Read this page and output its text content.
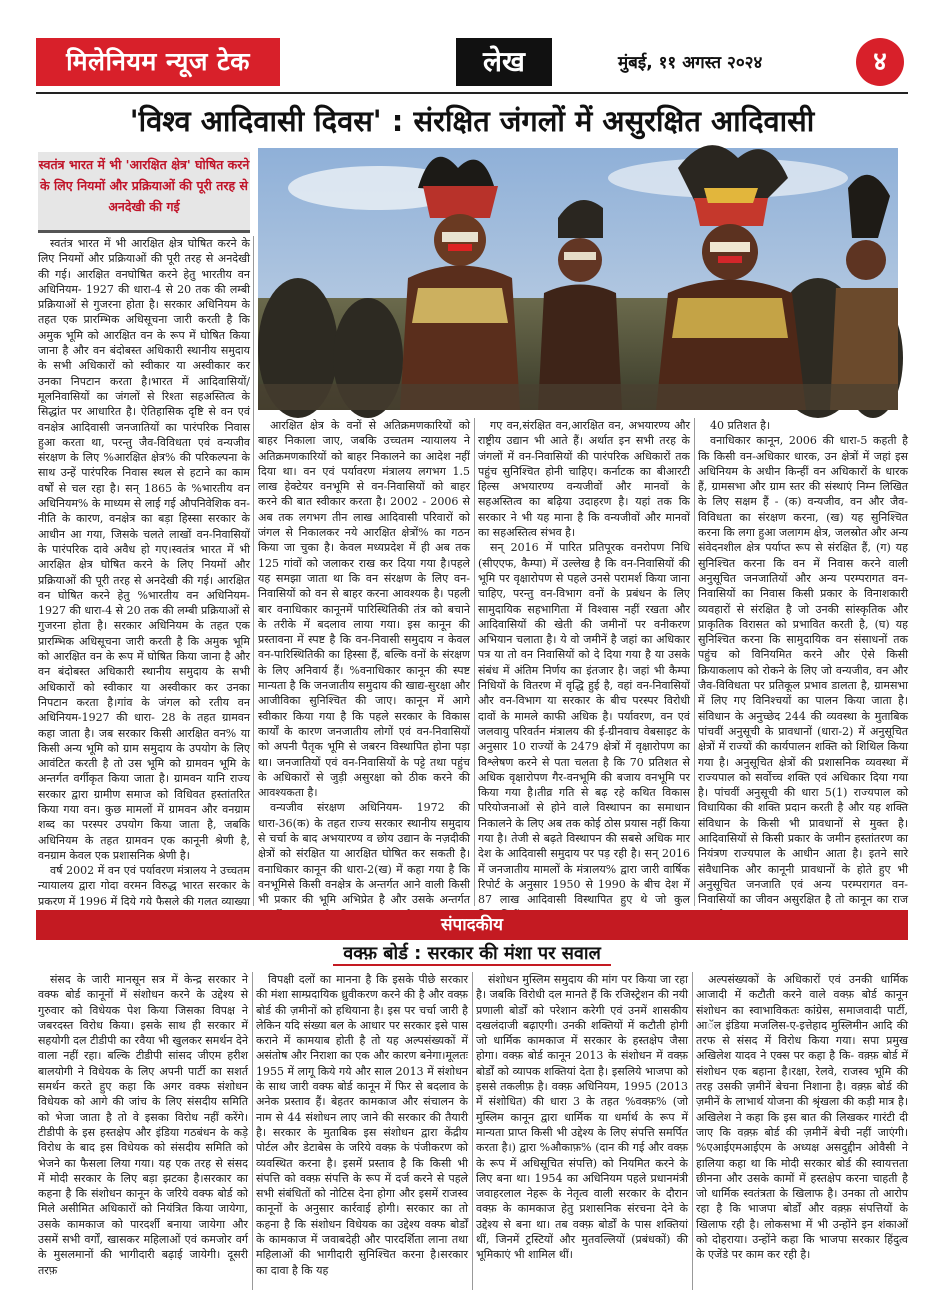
मिलेनियम न्यूज टेक	लेख	मुंबई, ११ अगस्त २०२४	४
'विश्व आदिवासी दिवस' : संरक्षित जंगलों में असुरक्षित आदिवासी
स्वतंत्र भारत में भी 'आरक्षित क्षेत्र' घोषित करने के लिए नियमों और प्रक्रियाओं की पूरी तरह से अनदेखी की गई

स्वतंत्र भारत में भी आरक्षित क्षेत्र घोषित करने के लिए नियमों और प्रक्रियाओं की पूरी तरह से अनदेखी की गई। आरक्षित वनघोषित करने हेतु भारतीय वन अधिनियम- 1927 की धारा-4 से 20 तक की लम्बी प्रक्रियाओं से गुजरना होता है। सरकार अधिनियम के तहत एक प्रारम्भिक अधिसूचना जारी करती है कि अमुक भूमि को आरक्षित वन के रूप में घोषित किया जाना है और वन बंदोबस्त अधिकारी स्थानीय समुदाय के सभी अधिकारों को स्वीकार या अस्वीकार कर उनका निपटान करता है।भारत में आदिवासियों/मूलनिवासियों का जंगलों से रिश्ता सहअस्तित्व के सिद्धांत पर आधारित है। ऐतिहासिक दृष्टि से वन एवं वनक्षेत्र आदिवासी जनजातियों का पारंपरिक निवास हुआ करता था, परन्तु जैव-विविधता एवं वन्यजीव संरक्षण के लिए %आरक्षित क्षेत्र% की परिकल्पना के साथ उन्हें पारंपरिक निवास स्थल से हटाने का काम वर्षों से चल रहा है। सन् 1865 के %भारतीय वन अधिनियम% के माध्यम से लाई गई औपनिवेशिक वन-नीति के कारण, वनक्षेत्र का बड़ा हिस्सा सरकार के आधीन आ गया, जिसके चलते लाखों वन-निवासियों के पारंपरिक दावे अवैध हो गए।स्वतंत्र भारत में भी आरक्षित क्षेत्र घोषित करने के लिए नियमों और प्रक्रियाओं की पूरी तरह से अनदेखी की गई। आरक्षित वन घोषित करने हेतु %भारतीय वन अधिनियम- 1927 की धारा-4 से 20 तक की लम्बी प्रक्रियाओं से गुजरना होता है। सरकार अधिनियम के तहत एक प्रारम्भिक अधिसूचना जारी करती है कि अमुक भूमि को आरक्षित वन के रूप में घोषित किया जाना है और वन बंदोबस्त अधिकारी स्थानीय समुदाय के सभी अधिकारों को स्वीकार या अस्वीकार कर उनका निपटान करता है।गांव के जंगल को रतीय वन अधिनियम-1927 की धारा- 28 के तहत ग्रामवन कहा जाता है। जब सरकार किसी आरक्षित वन% या किसी अन्य भूमि को ग्राम समुदाय के उपयोग के लिए आवंटित करती है तो उस भूमि को ग्रामवन भूमि के अन्तर्गत वर्गीकृत किया जाता है। ग्रामवन यानि राज्य सरकार द्वारा ग्रामीण समाज को विधिवत हस्तांतरित किया गया वन। कुछ मामलों में ग्रामवन और वनग्राम शब्द का परस्पर उपयोग किया जाता है, जबकि अधिनियम के तहत ग्रामवन एक कानूनी श्रेणी है, वनग्राम केवल एक प्रशासनिक श्रेणी है।

वर्ष 2002 में वन एवं पर्यावरण मंत्रालय ने उच्चतम न्यायालय द्वारा गोदा वरमन विरुद्ध भारत सरकार के प्रकरण में 1996 में दिये गये फैसले की गलत व्याख्या

आरक्षित क्षेत्र के वनों से अतिक्रमणकारियों को बाहर निकाला जाए, जबकि उच्चतम न्यायालय ने अतिक्रमणकारियों को बाहर निकालने का आदेश नहीं दिया था। वन एवं पर्यावरण मंत्रालय लगभग 1.5 लाख हेक्टेयर वनभूमि से वन-निवासियों को बाहर करने की बात स्वीकार करता है। 2002 - 2006 से अब तक लगभग तीन लाख आदिवासी परिवारों को जंगल से निकालकर नये आरक्षित क्षेत्रों% का गठन किया जा चुका है। केवल मध्यप्रदेश में ही अब तक 125 गांवों को जलाकर राख कर दिया गया है।पहले यह समझा जाता था कि वन संरक्षण के लिए वन-निवासियों को वन से बाहर करना आवश्यक है। पहली बार वनाधिकार कानूनमें पारिस्थितिकी तंत्र को बचाने के तरीके में बदलाव लाया गया। इस कानून की प्रस्तावना में स्पष्ट है कि वन-निवासी समुदाय न केवल वन-पारिस्थितिकी का हिस्सा हैं, बल्कि वनों के संरक्षण के लिए अनिवार्य हैं। %वनाधिकार कानून की स्पष्ट मान्यता है कि जनजातीय समुदाय की खाद्य-सुरक्षा और आजीविका सुनिश्चित की जाए। कानून में आगे स्वीकार किया गया है कि पहले सरकार के विकास कार्यों के कारण जनजातीय लोगों एवं वन-निवासियों को अपनी पैतृक भूमि से जबरन विस्थापित होना पड़ा था। जनजातियों एवं वन-निवासियों के पट्टे तथा पहुंच के अधिकारों से जुड़ी असुरक्षा को ठीक करने की आवश्यकता है।

वन्यजीव संरक्षण अधिनियम- 1972 की धारा-36(क) के तहत राज्य सरकार स्थानीय समुदाय से चर्चा के बाद अभयारण्य व छोय उद्यान के नज़दीकी क्षेत्रों को संरक्षित या आरक्षित घोषित कर सकती है। वनाधिकार कानून की धारा-2(ख) में कहा गया है कि वनभूमिसे किसी वनक्षेत्र के अन्तर्गत आने वाली किसी भी प्रकार की भूमि अभिप्रेत है और उसके अन्तर्गत

गए वन,संरक्षित वन,आरक्षित वन, अभयारण्य और राष्ट्रीय उद्यान भी आते हैं। अर्थात इन सभी तरह के जंगलों में वन-निवासियों की पारंपरिक अधिकारों तक पहुंच सुनिश्चित होनी चाहिए। कर्नाटक का बीआरटी हिल्स अभयारण्य वन्यजीवों और मानवों के सहअस्तित्व का बढ़िया उदाहरण है। यहां तक कि सरकार ने भी यह माना है कि वन्यजीवों और मानवों का सहअस्तित्व संभव है।

सन् 2016 में पारित प्रतिपूरक वनरोपण निधि (सीएएफ, कैम्पा) में उल्लेख है कि वन-निवासियों की भूमि पर वृक्षारोपण से पहले उनसे परामर्श किया जाना चाहिए, परन्तु वन-विभाग वनों के प्रबंधन के लिए सामुदायिक सहभागिता में विश्वास नहीं रखता और आदिवासियों की खेती की जमीनों पर वनीकरण अभियान चलाता है। ये वो जमीनें है जहां का अधिकार पत्र या तो वन निवासियों को दे दिया गया है या उसके संबंध में अंतिम निर्णय का इंतजार है। जहां भी कैम्पा निधियों के वितरण में वृद्धि हुई है, वहां वन-निवासियों और वन-विभाग या सरकार के बीच परस्पर विरोधी दावों के मामले काफी अधिक है। पर्यावरण, वन एवं जलवायु परिवर्तन मंत्रालय की ई-ग्रीनवाच वेबसाइट के अनुसार 10 राज्यों के 2479 क्षेत्रों में वृक्षारोपण का विश्लेषण करने से पता चलता है कि 70 प्रतिशत से अधिक वृक्षारोपण गैर-वनभूमि की बजाय वनभूमि पर किया गया है।तीव्र गति से बढ़ रहे कथित विकास परियोजनाओं से होने वाले विस्थापन का समाधान निकालने के लिए अब तक कोई ठोस प्रयास नहीं किया गया है। तेजी से बढ़ते विस्थापन की सबसे अधिक मार देश के आदिवासी समुदाय पर पड़ रही है। सन् 2016 में जनजातीय मामलों के मंत्रालय% द्वारा जारी वार्षिक रिपोर्ट के अनुसार 1950 से 1990 के बीच देश में 87 लाख आदिवासी विस्थापित हुए थे जो कुल

40 प्रतिशत है।

वनाधिकार कानून, 2006 की धारा-5 कहती है कि किसी वन-अधिकार धारक, उन क्षेत्रों में जहां इस अधिनियम के अधीन किन्हीं वन अधिकारों के धारक हैं, ग्रामसभा और ग्राम स्तर की संस्थाएं निम्न लिखित के लिए सक्षम हैं - (क) वन्यजीव, वन और जैव-विविधता का संरक्षण करना, (ख) यह सुनिश्चित करना कि लगा हुआ जलागम क्षेत्र, जलस्रोत और अन्य संवेदनशील क्षेत्र पर्याप्त रूप से संरक्षित हैं, (ग) यह सुनिश्चित करना कि वन में निवास करने वाली अनुसूचित जनजातियों और अन्य परम्परागत वन-निवासियों का निवास किसी प्रकार के विनाशकारी व्यवहारों से संरक्षित है जो उनकी सांस्कृतिक और प्राकृतिक विरासत को प्रभावित करती है, (घ) यह सुनिश्चित करना कि सामुदायिक वन संसाधनों तक पहुंच को विनियमित करने और ऐसे किसी क्रियाकलाप को रोकने के लिए जो वन्यजीव, वन और जैव-विविधता पर प्रतिकूल प्रभाव डालता है, ग्रामसभा में लिए गए विनिश्चयों का पालन किया जाता है।संविधान के अनुच्छेद 244 की व्यवस्था के मुताबिक पांचवीं अनुसूची के प्रावधानों (धारा-2) में अनुसूचित क्षेत्रों में राज्यों की कार्यपालन शक्ति को शिथिल किया गया है। अनुसूचित क्षेत्रों की प्रशासनिक व्यवस्था में राज्यपाल को सर्वोच्च शक्ति एवं अधिकार दिया गया है। पांचवीं अनुसूची की धारा 5(1) राज्यपाल को विधायिका की शक्ति प्रदान करती है और यह शक्ति संविधान के किसी भी प्रावधानों से मुक्त है। आदिवासियों से किसी प्रकार के जमीन हस्तांतरण का नियंत्रण राज्यपाल के आधीन आता है। इतने सारे संवैधानिक और कानूनी प्रावधानों के होते हुए भी अनुसूचित जनजाति एवं अन्य परम्परागत वन-निवासियों का जीवन असुरक्षित है तो कानून का राज

संपादकीय
वक्फ़ बोर्ड : सरकार की मंशा पर सवाल

संसद के जारी मानसून सत्र में केन्द्र सरकार ने वक्फ बोर्ड कानूनों में संशोधन करने के उद्देश्य से गुरुवार को विधेयक पेश किया जिसका विपक्ष ने जबरदस्त विरोध किया। इसके साथ ही सरकार में सहयोगी दल टीडीपी का रवैया भी खुलकर समर्थन देने वाला नहीं रहा। बल्कि टीडीपी सांसद जीएम हरीश बालयोगी ने विधेयक के लिए अपनी पार्टी का सशर्त समर्थन करते हुए कहा कि अगर वक्फ संशोधन विधेयक को आगे की जांच के लिए संसदीय समिति को भेजा जाता है तो वे इसका विरोध नहीं करेंगे। टीडीपी के इस हस्तक्षेप और इंडिया गठबंधन के कड़े विरोध के बाद इस विधेयक को संसदीय समिति को भेजने का फैसला लिया गया। यह एक तरह से संसद में मोदी सरकार के लिए बड़ा झटका है।सरकार का कहना है कि संशोधन कानून के जरिये वक्फ बोर्ड को मिले असीमित अधिकारों को नियंत्रित किया जायेगा, उसके कामकाज को पारदर्शी बनाया जायेगा और उसमें सभी वर्गों, खासकर महिलाओं एवं कमजोर वर्ग के मुसलमानों की भागीदारी बढ़ाई जायेगी। दूसरी तरफ़

विपक्षी दलों का मानना है कि इसके पीछे सरकार की मंशा साम्प्रदायिक ध्रुवीकरण करने की है और वक्फ़ बोर्ड की ज़मीनों को हथियाना है। इस पर चर्चा जारी है लेकिन यदि संख्या बल के आधार पर सरकार इसे पास कराने में कामयाब होती है तो यह अल्पसंख्यकों में असंतोष और निराशा का एक और कारण बनेगा।मूलतः 1955 में लागू किये गये और साल 2013 में संशोधन के साथ जारी वक्फ बोर्ड कानून में फिर से बदलाव के अनेक प्रस्ताव हैं। बेहतर कामकाज और संचालन के नाम से 44 संशोधन लाए जाने की सरकार की तैयारी है। सरकार के मुताबिक इस संशोधन द्वारा केंद्रीय पोर्टल और डेटाबेस के जरिये वक्फ़ के पंजीकरण को व्यवस्थित करना है। इसमें प्रस्ताव है कि किसी भी संपत्ति को वक्फ़ संपत्ति के रूप में दर्ज करने से पहले सभी संबंधितों को नोटिस देना होगा और इसमें राजस्व कानूनों के अनुसार कार्रवाई होगी। सरकार का तो कहना है कि संशोधन विधेयक का उद्देश्य वक्फ बोर्डों के कामकाज में जवाबदेही और पारदर्शिता लाना तथा महिलाओं की भागीदारी सुनिश्चित करना है।सरकार का दावा है कि यह

संशोधन मुस्लिम समुदाय की मांग पर किया जा रहा है। जबकि विरोधी दल मानते हैं कि रजिस्ट्रेशन की नयी प्रणाली बोर्डों को परेशान करेगी एवं उनमें शासकीय दखलंदाजी बढ़ाएगी। उनकी शक्तियों में कटौती होगी जो धार्मिक कामकाज में सरकार के हस्तक्षेप जैसा होगा। वक्फ़ बोर्ड कानून 2013 के संशोधन में वक्फ़ बोर्डों को व्यापक शक्तियां देता है। इसलिये भाजपा को इससे तकलीफ़ है। वक्फ़ अधिनियम, 1995 (2013 में संशोधित) की धारा 3 के तहत %वक्फ़% (जो मुस्लिम कानून द्वारा धार्मिक या धर्मार्थ के रूप में मान्यता प्राप्त किसी भी उद्देश्य के लिए संपत्ति समर्पित करता है।) द्वारा %औकाफ़% (दान की गई और वक्फ़ के रूप में अधिसूचित संपत्ति) को नियमित करने के लिए बना था। 1954 का अधिनियम पहले प्रधानमंत्री जवाहरलाल नेहरू के नेतृत्व वाली सरकार के दौरान वक्फ़ के कामकाज हेतु प्रशासनिक संरचना देने के उद्देश्य से बना था। तब वक्फ़ बोर्डों के पास शक्तियां थीं, जिनमें ट्रस्टियों और मुतवल्लियों (प्रबंधकों) की भूमिकाएं भी शामिल थीं।

अल्पसंख्यकों के अधिकारों एवं उनकी धार्मिक आजादी में कटौती करने वाले वक्फ़ बोर्ड कानून संशोधन का स्वाभाविकतः कांग्रेस, समाजवादी पार्टी, आॅल इंडिया मजलिस-ए-इत्तेहाद मुस्लिमीन आदि की तरफ से संसद में विरोध किया गया। सपा प्रमुख अखिलेश यादव ने एक्स पर कहा है कि- वक़्फ़ बोर्ड में संशोधन एक बहाना है।रक्षा, रेलवे, राजस्व भूमि की तरह उसकी ज़मीनें बेचना निशाना है। वक़्फ़ बोर्ड की ज़मीनें के लाभार्थ योजना की श्रृंखला की कड़ी मात्र है। अखिलेश ने कहा कि इस बात की लिखकर गारंटी दी जाए कि वक़्फ़ बोर्ड की ज़मीनें बेची नहीं जाएंगी।%एआईएमआईएम के अध्यक्ष असदुद्दीन ओवैसी ने हालिया कहा था कि मोदी सरकार बोर्ड की स्वायत्तता छीनना और उसके कामों में हस्तक्षेप करना चाहती है जो धार्मिक स्वतंत्रता के खिलाफ है। उनका तो आरोप रहा है कि भाजपा बोर्डों और वक़्फ़ संपत्तियों के खिलाफ रही है। लोकसभा में भी उन्होंने इन शंकाओं को दोहराया। उन्होंने कहा कि भाजपा सरकार हिंदुत्व के एजेंडे पर काम कर रही है।
